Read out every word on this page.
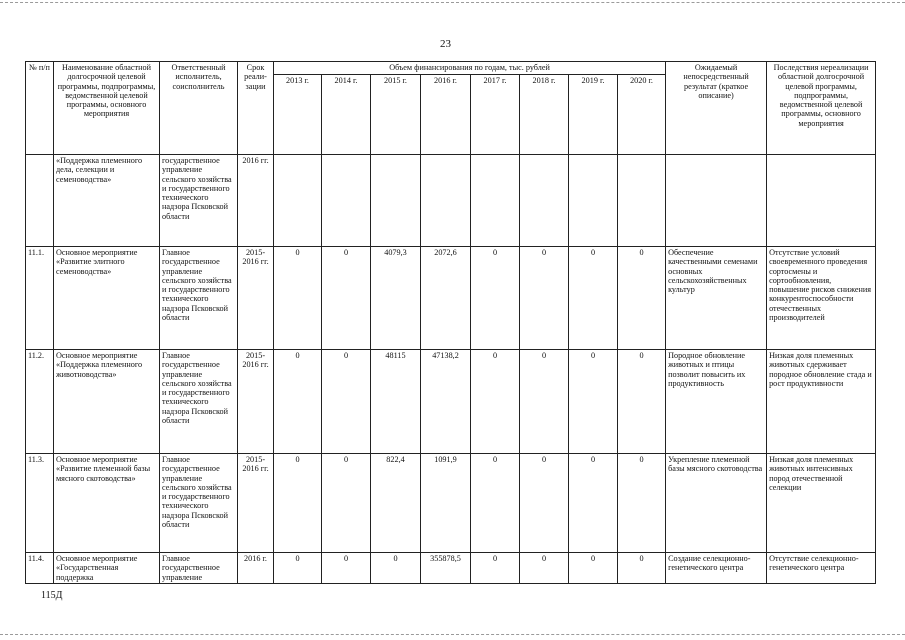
23
№ п/п	Наименование областной долгосрочной целевой программы, подпрограммы, ведомственной целевой программы, основного мероприятия	Ответственный исполнитель, соисполнитель	Срок реали-зации	Объем финансирования по годам, тыс. рублей								Ожидаемый непосредственный результат (краткое описание)	Последствия нереализации областной долгосрочной целевой программы, подпрограммы, ведомственной целевой программы, основного мероприятия
				2013 г.	2014 г.	2015 г.	2016 г.	2017 г.	2018 г.	2019 г.	2020 г.		
	«Поддержка племенного дела, селекции и семеноводства»	государственное управление сельского хозяйства и государственного технического надзора Псковской области	2016 гг.										
11.1.	Основное мероприятие «Развитие элитного семеноводства»	Главное государственное управление сельского хозяйства и государственного технического надзора Псковской области	2015-2016 гг.	0	0	4079,3	2072,6	0	0	0	0	Обеспечение качественными семенами основных сельскохозяйственных культур	Отсутствие условий своевременного проведения сортосмены и сортообновления, повышение рисков снижения конкурентоспособности отечественных производителей
11.2.	Основное мероприятие «Поддержка племенного животноводства»	Главное государственное управление сельского хозяйства и государственного технического надзора Псковской области	2015-2016 гг.	0	0	48115	47138,2	0	0	0	0	Породное обновление животных и птицы позволит повысить их продуктивность	Низкая доля племенных животных сдерживает породное обновление стада и рост продуктивности
11.3.	Основное мероприятие «Развитие племенной базы мясного скотоводства»	Главное государственное управление сельского хозяйства и государственного технического надзора Псковской области	2015-2016 гг.	0	0	822,4	1091,9	0	0	0	0	Укрепление племенной базы мясного скотоводства	Низкая доля племенных животных интенсивных пород отечественной селекции
11.4.	Основное мероприятие «Государственная поддержка	Главное государственное управление	2016 г.	0	0	0	355878,5	0	0	0	0	Создание селекционно-генетического центра	Отсутствие селекционно-генетического центра
115Д
